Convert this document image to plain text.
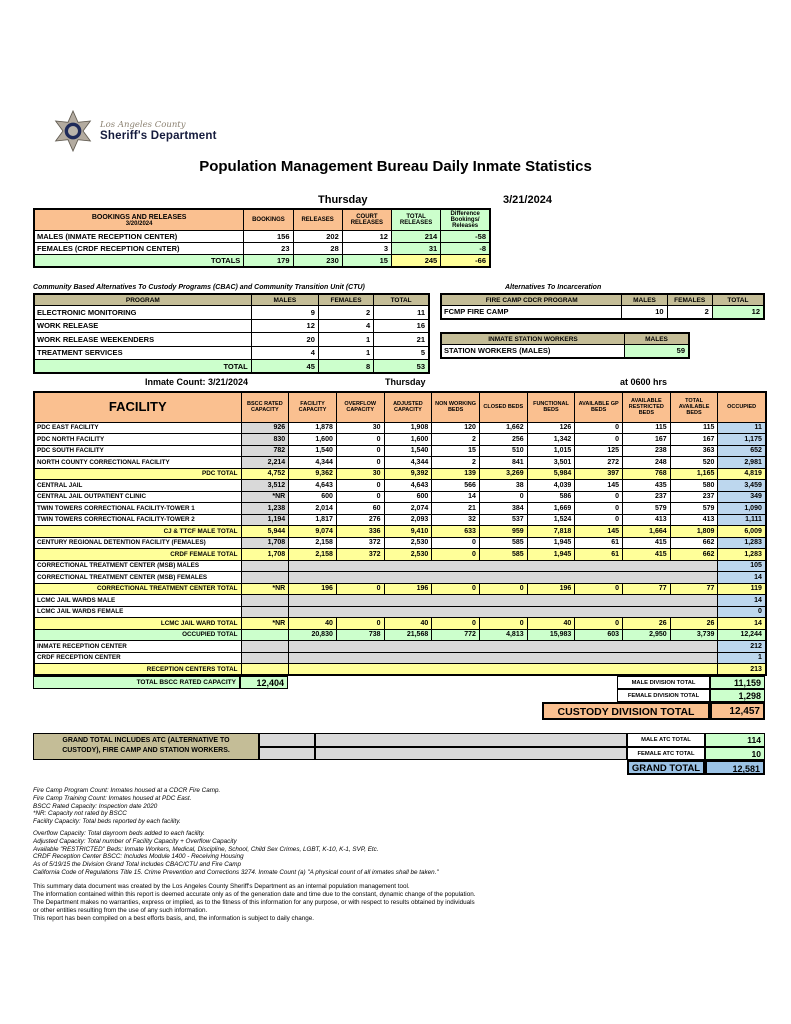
Los Angeles County
Sheriff's Department
Population Management Bureau Daily Inmate Statistics
Thursday	3/21/2024
BOOKINGS AND RELEASES
3/20/2024	BOOKINGS	RELEASES	COURT RELEASES	TOTAL RELEASES	Difference Bookings/ Releases
MALES (INMATE RECEPTION CENTER)	156	202	12	214	-58
FEMALES (CRDF RECEPTION CENTER)	23	28	3	31	-8
TOTALS	179	230	15	245	-66
Community Based Alternatives To Custody Programs (CBAC) and Community Transition Unit (CTU)
PROGRAM	MALES	FEMALES	TOTAL
ELECTRONIC MONITORING	9	2	11
WORK RELEASE	12	4	16
WORK RELEASE WEEKENDERS	20	1	21
TREATMENT SERVICES	4	1	5
TOTAL	45	8	53
Alternatives To Incarceration
FIRE CAMP CDCR PROGRAM	MALES	FEMALES	TOTAL
FCMP FIRE CAMP	10	2	12
INMATE STATION WORKERS	MALES
STATION WORKERS (MALES)	59
Inmate Count: 3/21/2024	Thursday	at 0600 hrs
FACILITY	BSCC RATED CAPACITY	FACILITY CAPACITY	OVERFLOW CAPACITY	ADJUSTED CAPACITY	NON WORKING BEDS	CLOSED BEDS	FUNCTIONAL BEDS	AVAILABLE GP BEDS	AVAILABLE RESTRICTED BEDS	TOTAL AVAILABLE BEDS	OCCUPIED
PDC EAST FACILITY	926	1,878	30	1,908	120	1,662	126	0	115	115	11
PDC NORTH FACILITY	830	1,600	0	1,600	2	256	1,342	0	167	167	1,175
PDC SOUTH FACILITY	782	1,540	0	1,540	15	510	1,015	125	238	363	652
NORTH COUNTY CORRECTIONAL FACILITY	2,214	4,344	0	4,344	2	841	3,501	272	248	520	2,981
PDC TOTAL	4,752	9,362	30	9,392	139	3,269	5,984	397	768	1,165	4,819
CENTRAL JAIL	3,512	4,643	0	4,643	566	38	4,039	145	435	580	3,459
CENTRAL JAIL OUTPATIENT CLINIC	*NR	600	0	600	14	0	586	0	237	237	349
TWIN TOWERS CORRECTIONAL FACILITY-TOWER 1	1,238	2,014	60	2,074	21	384	1,669	0	579	579	1,090
TWIN TOWERS CORRECTIONAL FACILITY-TOWER 2	1,194	1,817	276	2,093	32	537	1,524	0	413	413	1,111
CJ & TTCF MALE TOTAL	5,944	9,074	336	9,410	633	959	7,818	145	1,664	1,809	6,009
CENTURY REGIONAL DETENTION FACILITY (FEMALES)	1,708	2,158	372	2,530	0	585	1,945	61	415	662	1,283
CRDF FEMALE TOTAL	1,708	2,158	372	2,530	0	585	1,945	61	415	662	1,283
CORRECTIONAL TREATMENT CENTER (MSB) MALES											105
CORRECTIONAL TREATMENT CENTER (MSB) FEMALES											14
CORRECTIONAL TREATMENT CENTER TOTAL	*NR	196	0	196	0	0	196	0	77	77	119
LCMC JAIL WARDS MALE											14
LCMC JAIL WARDS FEMALE											0
LCMC JAIL WARD TOTAL	*NR	40	0	40	0	0	40	0	26	26	14
OCCUPIED TOTAL		20,830	738	21,568	772	4,813	15,983	603	2,950	3,739	12,244
INMATE RECEPTION CENTER											212
CRDF RECEPTION CENTER											1
RECEPTION CENTERS TOTAL											213
TOTAL BSCC RATED CAPACITY	12,404	MALE DIVISION TOTAL	11,159
FEMALE DIVISION TOTAL	1,298
CUSTODY DIVISION TOTAL	12,457
GRAND TOTAL INCLUDES ATC (ALTERNATIVE TO
CUSTODY), FIRE CAMP AND STATION WORKERS.
MALE ATC TOTAL	114
FEMALE ATC TOTAL	10
GRAND TOTAL	12,581
Fire Camp Program Count: Inmates housed at a CDCR Fire Camp.
Fire Camp Training Count: Inmates housed at PDC East.
BSCC Rated Capacity: Inspection date 2020
*NR: Capacity not rated by BSCC
Facility Capacity: Total beds reported by each facility.
Overflow Capacity: Total dayroom beds added to each facility.
Adjusted Capacity: Total number of Facility Capacity + Overflow Capacity
Available "RESTRICTED" Beds: Inmate Workers, Medical, Discipline, School, Child Sex Crimes, LGBT, K-10, K-1, SVP, Etc.
CRDF Reception Center BSCC: Includes Module 1400 - Receiving Housing
As of 5/19/15 the Division Grand Total includes CBAC/CTU and Fire Camp
California Code of Regulations Title 15. Crime Prevention and Corrections 3274. Inmate Count (a) "A physical count of all inmates shall be taken."
This summary data document was created by the Los Angeles County Sheriff's Department as an internal population management tool.
The information contained within this report is deemed accurate only as of the generation date and time due to the constant, dynamic change of the population.
The Department makes no warranties, express or implied, as to the fitness of this information for any purpose, or with respect to results obtained by individuals
or other entities resulting from the use of any such information.
This report has been compiled on a best efforts basis, and, the information is subject to daily change.
